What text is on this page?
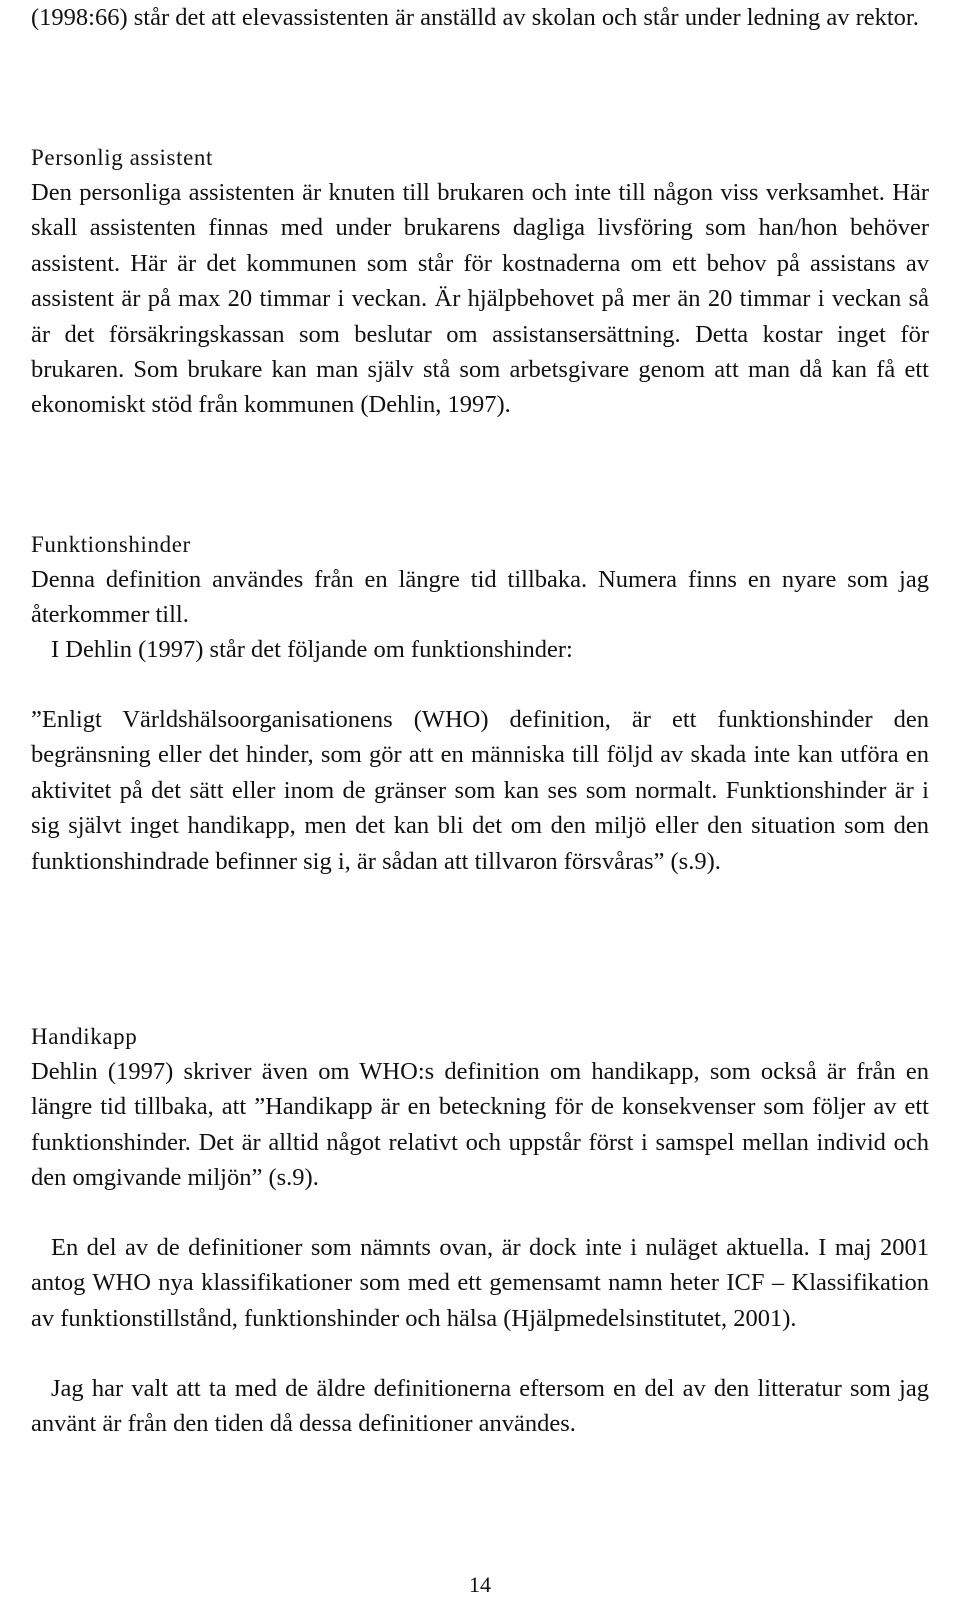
(1998:66) står det att elevassistenten är anställd av skolan och står under ledning av rektor.

Personlig assistent

Den personliga assistenten är knuten till brukaren och inte till någon viss verksamhet. Här skall assistenten finnas med under brukarens dagliga livsföring som han/hon behöver assistent. Här är det kommunen som står för kostnaderna om ett behov på assistans av assistent är på max 20 timmar i veckan. Är hjälpbehovet på mer än 20 timmar i veckan så är det försäkringskassan som beslutar om assistansersättning. Detta kostar inget för brukaren. Som brukare kan man själv stå som arbetsgivare genom att man då kan få ett ekonomiskt stöd från kommunen (Dehlin, 1997).

Funktionshinder

Denna definition användes från en längre tid tillbaka. Numera finns en nyare som jag återkommer till.

I Dehlin (1997) står det följande om funktionshinder:

”Enligt Världshälsoorganisationens (WHO) definition, är ett funktionshinder den begränsning eller det hinder, som gör att en människa till följd av skada inte kan utföra en aktivitet på det sätt eller inom de gränser som kan ses som normalt. Funktionshinder är i sig självt inget handikapp, men det kan bli det om den miljö eller den situation som den funktionshindrade befinner sig i, är sådan att tillvaron försvåras” (s.9).

Handikapp

Dehlin (1997) skriver även om WHO:s definition om handikapp, som också är från en längre tid tillbaka, att ”Handikapp är en beteckning för de konsekvenser som följer av ett funktionshinder. Det är alltid något relativt och uppstår först i samspel mellan individ och den omgivande miljön” (s.9).

En del av de definitioner som nämnts ovan, är dock inte i nuläget aktuella. I maj 2001 antog WHO nya klassifikationer som med ett gemensamt namn heter ICF – Klassifikation av funktionstillstånd, funktionshinder och hälsa (Hjälpmedelsinstitutet, 2001).

Jag har valt att ta med de äldre definitionerna eftersom en del av den litteratur som jag använt är från den tiden då dessa definitioner användes.

14
